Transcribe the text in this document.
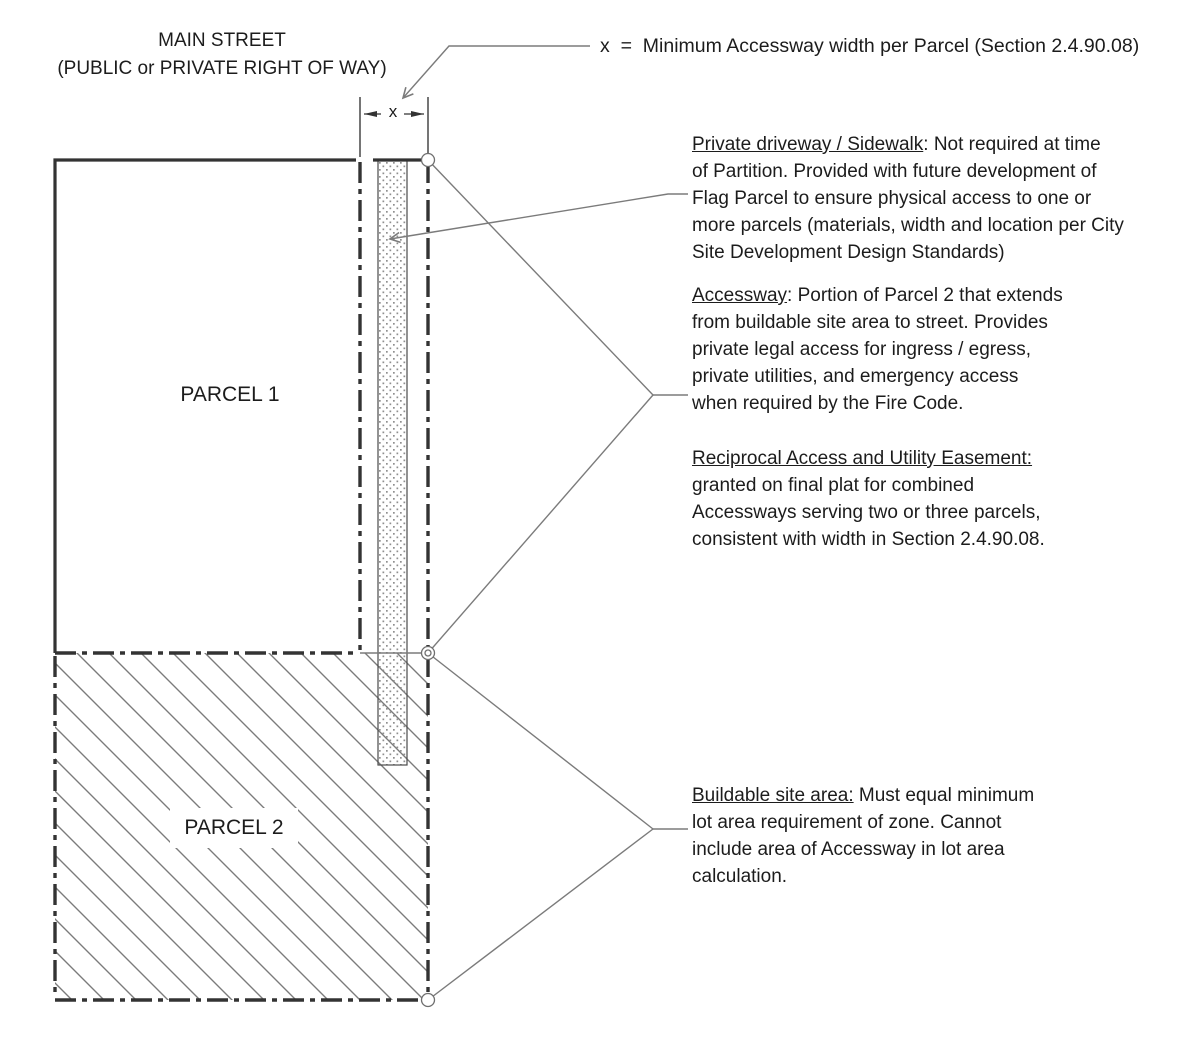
MAIN STREET
(PUBLIC or PRIVATE RIGHT OF WAY)
x  =  Minimum Accessway width per Parcel (Section 2.4.90.08)
x
PARCEL 1
PARCEL 2
Private driveway / Sidewalk: Not required at time
of Partition. Provided with future development of
Flag Parcel to ensure physical access to one or
more parcels (materials, width and location per City
Site Development Design Standards)
Accessway: Portion of Parcel 2 that extends
from buildable site area to street. Provides
private legal access for ingress / egress,
private utilities, and emergency access
when required by the Fire Code.
Reciprocal Access and Utility Easement:
granted on final plat for combined
Accessways serving two or three parcels,
consistent with width in Section 2.4.90.08.
Buildable site area: Must equal minimum
lot area requirement of zone. Cannot
include area of Accessway in lot area
calculation.
